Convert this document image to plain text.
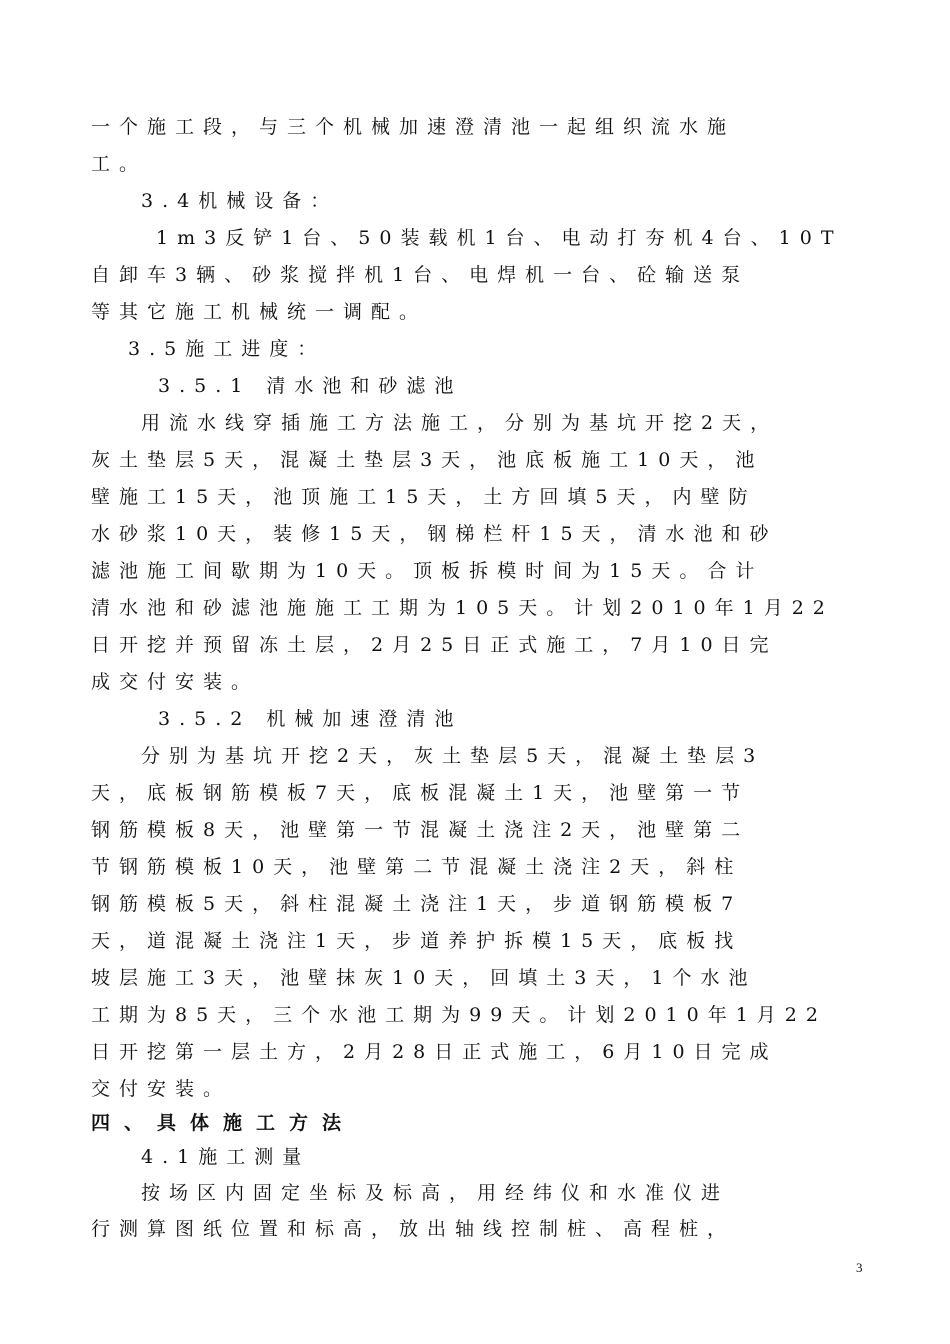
一个施工段，与三个机械加速澄清池一起组织流水施
工。
3.4机械设备：
1m3反铲1台、50装载机1台、电动打夯机4台、10T
自卸车3辆、砂浆搅拌机1台、电焊机一台、砼输送泵
等其它施工机械统一调配。
3.5施工进度：
3.5.1 清水池和砂滤池
用流水线穿插施工方法施工，分别为基坑开挖2天，
灰土垫层5天，混凝土垫层3天，池底板施工10天，池
壁施工15天，池顶施工15天，土方回填5天，内壁防
水砂浆10天，装修15天，钢梯栏杆15天，清水池和砂
滤池施工间歇期为10天。顶板拆模时间为15天。合计
清水池和砂滤池施施工工期为105天。计划2010年1月22
日开挖并预留冻土层，2月25日正式施工，7月10日完
成交付安装。
3.5.2 机械加速澄清池
分别为基坑开挖2天，灰土垫层5天，混凝土垫层3
天，底板钢筋模板7天，底板混凝土1天，池壁第一节
钢筋模板8天，池壁第一节混凝土浇注2天，池壁第二
节钢筋模板10天，池壁第二节混凝土浇注2天，斜柱
钢筋模板5天，斜柱混凝土浇注1天，步道钢筋模板7
天，道混凝土浇注1天，步道养护拆模15天，底板找
坡层施工3天，池壁抹灰10天，回填土3天，1个水池
工期为85天，三个水池工期为99天。计划2010年1月22
日开挖第一层土方，2月28日正式施工，6月10日完成
交付安装。
四、具体施工方法
4.1施工测量
按场区内固定坐标及标高，用经纬仪和水准仪进
行测算图纸位置和标高，放出轴线控制桩、高程桩，
3
